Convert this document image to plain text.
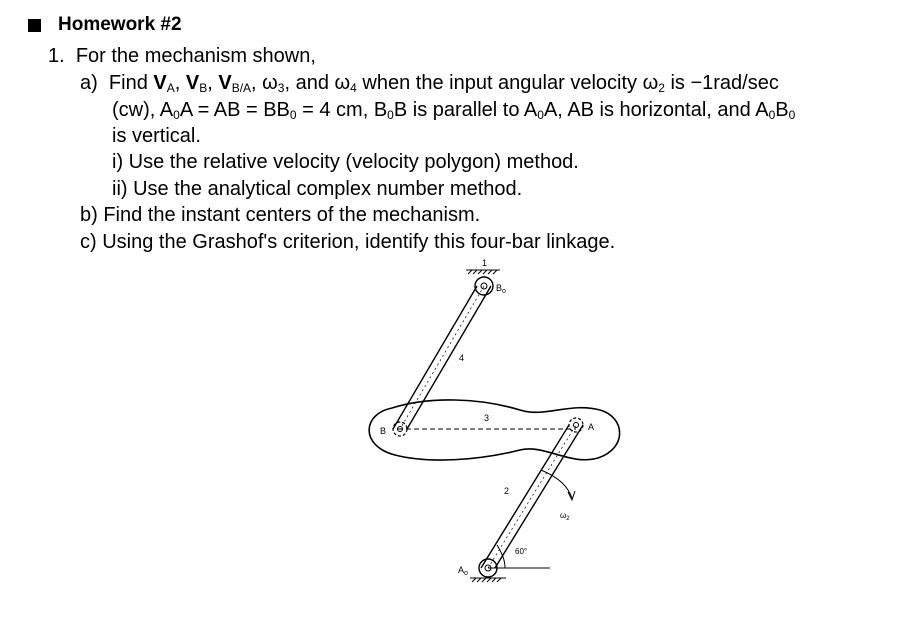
Homework #2
1. For the mechanism shown,
a) Find $V_A$, $V_B$, $V_{B/A}$, $\omega_3$, and $\omega_4$ when the input angular velocity $\omega_2$ is −1rad/sec
(cw), $A_0A$ = AB = $BB_0 = 4$ cm, $B_0B$ is parallel to $A_0A$, AB is horizontal, and $A_0B_0$
is vertical.
i) Use the relative velocity (velocity polygon) method.
ii) Use the analytical complex number method.
b) Find the instant centers of the mechanism.
c) Using the Grashof's criterion, identify this four-bar linkage.
1
4
2
$B_o$
B	A
3
$\omega_2$
60°
$A_o$
